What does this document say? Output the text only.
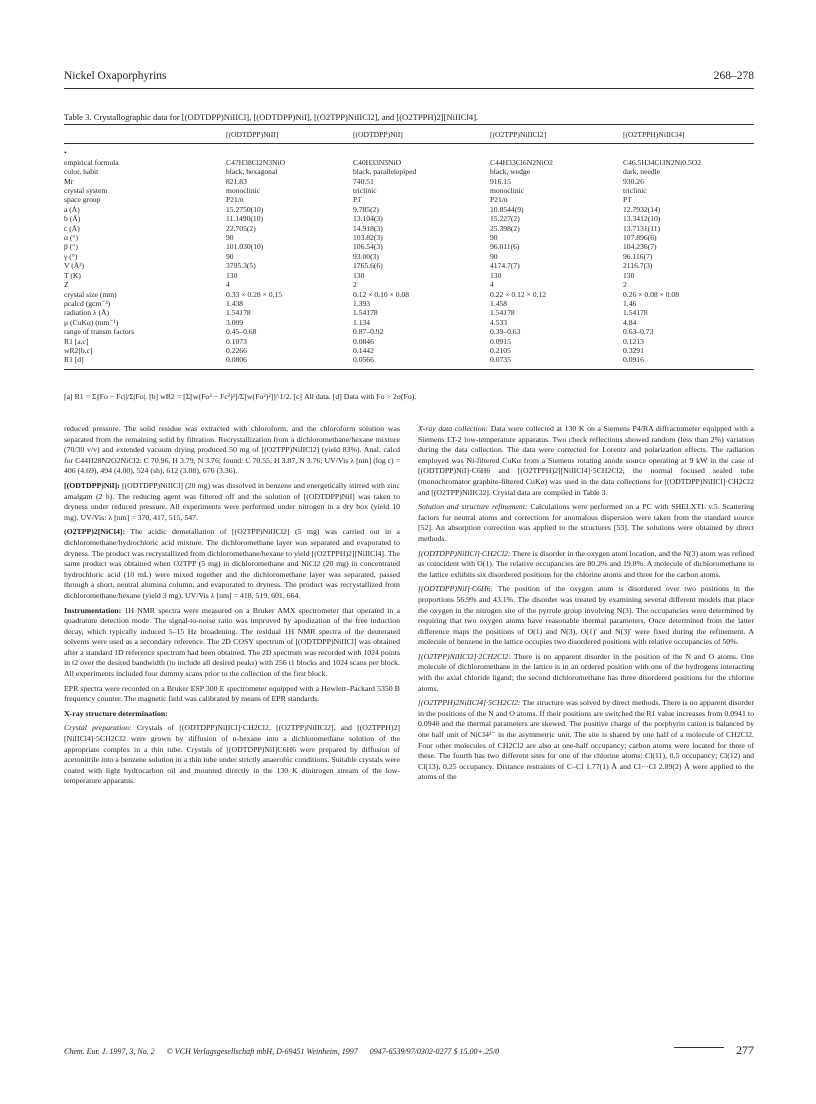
Nickel Oxaporphyrins	268–278
Table 3. Crystallographic data for [(ODTDPP)NiIICl], [(ODTDPP)NiI], [(O2TPP)NiIICl2], and [(O2TPPH)2][NiIICl4].
	[(ODTDPP)NiII]	[(ODTDPP)NiI]	[(O2TPP)NiIICl2]	[(O2TPPH)NiIICl4]
•				
empirical formula	C47H38Cl2N3NiO	C40H33N3NiO	C44H33Cl6N2NiO2	C46.5H34Cl3N2Ni0.5O2
color, habit	black, hexagonal	black, parallelepiped	black, wedge	dark, needle
Mr	821.83	740.51	916.15	930.26
crystal system	monoclinic	triclinic	monoclinic	triclinic
space group	P21/n	P1̄	P21/n	P1̄
a (Å)	15.2750(10)	9.785(2)	10.8544(9)	12.7932(14)
b (Å)	11.1490(10)	13.104(3)	15.227(2)	13.3412(10)
c (Å)	22.705(2)	14.918(3)	25.398(2)	13.7131(11)
α (°)	90	103.82(3)	90	107.896(6)
β (°)	101.030(10)	106.54(3)	96.011(6)	104.236(7)
γ (°)	90	93.00(3)	90	96.116(7)
V (Å³)	3795.3(5)	1765.6(6)	4174.7(7)	2116.7(3)
T (K)	130	130	130	130
Z	4	2	4	2
crystal size (mm)	0.33 × 0.28 × 0.15	0.12 × 0.10 × 0.08	0.22 × 0.12 × 0.12	0.26 × 0.08 × 0.08
ρcalcd (gcm⁻³)	1.438	1.393	1.458	1.46
radiation λ (Å)	1.54178	1.54178	1.54178	1.54178
μ (CuKα) (mm⁻¹)	3.009	1.134	4.533	4.84
range of transm factors	0.45–0.68	0.87–0.92	0.39–0.63	0.63–0.73
R1 [a,c]	0.1073	0.0846	0.0915	0.1213
wR2[b,c]	0.2266	0.1442	0.2105	0.3291
R1 [d]	0.0806	0.0566	0.0735	0.0916
[a] R1 = Σ||Fo − Fc||/Σ|Fo|. [b] wR2 = [Σ[w(Fo² − Fc²)²]/Σ[w(Fo²)²]]^1/2. [c] All data. [d] Data with Fo > 2σ(Fo).

reduced pressure. The solid residue was extracted with chloroform, and the chloroform solution was separated from the remaining solid by filtration. Recrystallization from a dichloromethane/hexane mixture (70/30 v/v) and extended vacuum drying produced 50 mg of [(O2TPP)NiIICl2] (yield 83%). Anal. calcd for C44H28N2O2NiCl2: C 70.96, H 3.79, N 3.76; found: C 70.55, H 3.87, N 3.76; UV/Vis λ [nm] (log ε) = 406 (4.69), 494 (4.00), 524 (sh), 612 (3.08), 676 (3.36).

[(ODTDPP)NiI]: [(ODTDPP)NiIICl] (20 mg) was dissolved in benzene and energetically stirred with zinc amalgam (2 h). The reducing agent was filtered off and the solution of [(ODTDPP)NiI] was taken to dryness under reduced pressure. All experiments were performed under nitrogen in a dry box (yield 10 mg). UV/Vis: λ [nm] = 370, 417, 515, 547.

(O2TPP)2[NiCl4]: The acidic demetallation of [(O2TPP)NiIICl2] (5 mg) was carried out in a dichloromethane/hydrochloric acid mixture. The dichloromethane layer was separated and evaporated to dryness. The product was recrystallized from dichloromethane/hexane to yield [(O2TPPH)2][NiIICl4]. The same product was obtained when O2TPP (5 mg) in dichloromethane and NiCl2 (20 mg) in concentrated hydrochloric acid (10 mL) were mixed together and the dichloromethane layer was separated, passed through a short, neutral alumina column, and evaporated to dryness. The product was recrystallized from dichloromethane/hexane (yield 3 mg). UV/Vis λ [nm] = 418, 519, 601, 664.

Instrumentation: 1H NMR spectra were measured on a Bruker AMX spectrometer that operated in a quadrature detection mode. The signal-to-noise ratio was improved by apodization of the free induction decay, which typically induced 5–15 Hz broadening. The residual 1H NMR spectra of the deuterated solvents were used as a secondary reference. The 2D COSY spectrum of [(ODTDPP)NiIICl] was obtained after a standard 1D reference spectrum had been obtained. The 2D spectrum was recorded with 1024 points in t2 over the desired bandwidth (to include all desired peaks) with 256 t1 blocks and 1024 scans per block. All experiments included four dummy scans prior to the collection of the first block.

EPR spectra were recorded on a Bruker ESP 300 E spectrometer equipped with a Hewlett–Packard 5350 B frequency counter. The magnetic field was calibrated by means of EPR standards.

X-ray structure determination:

Crystal preparation: Crystals of [(ODTDPP)NiIICl]·CH2Cl2, [(O2TPP)NiIICl2], and [(O2TPPH)2][NiIICl4]·5CH2Cl2 were grown by diffusion of n-hexane into a dichloromethane solution of the appropriate complex in a thin tube. Crystals of [(ODTDPP)NiI]C6H6 were prepared by diffusion of acetonitrile into a benzene solution in a thin tube under strictly anaerobic conditions. Suitable crystals were coated with light hydrocarbon oil and mounted directly in the 130 K dinitrogen stream of the low-temperature apparatus.

X-ray data collection: Data were collected at 130 K on a Siemens P4/RA diffractometer equipped with a Siemens LT-2 low-temperature apparatus. Two check reflections showed random (less than 2%) variation during the data collection. The data were corrected for Lorentz and polarization effects. The radiation employed was Ni-filtered CuKα from a Siemens rotating anode source operating at 9 kW in the case of [(ODTDPP)NiI]·C6H6 and [(O2TPPH)2][NiIICl4]·5CH2Cl2; the normal focused sealed tube (monochromator graphite-filtered CuKα) was used in the data collections for [(ODTDPP)NiIICl]·CH2Cl2 and [(O2TPP)NiIICl2]. Crystal data are compiled in Table 3.

Solution and structure refinement: Calculations were performed on a PC with SHELXTL v.5. Scattering factors for neutral atoms and corrections for anomalous dispersion were taken from the standard source [52]. An absorption correction was applied to the structures [53]. The solutions were obtained by direct methods.

[(ODTDPP)NiIICl]·CH2Cl2: There is disorder in the oxygen atom location, and the N(3) atom was refined as coincident with O(1). The relative occupancies are 80.2% and 19.8%. A molecule of dichloromethane in the lattice exhibits six disordered positions for the chlorine atoms and three for the carbon atoms.

[(ODTDPP)NiI]·C6H6: The position of the oxygen atom is disordered over two positions in the proportions 56.9% and 43.1%. The disorder was treated by examining several different models that place the oxygen in the nitrogen site of the pyrrole group involving N(3). The occupancies were determined by requiring that two oxygen atoms have reasonable thermal parameters. Once determined from the latter difference maps the positions of O(1) and N(3), O(1)' and N(3)' were fixed during the refinement. A molecule of benzene in the lattice occupies two disordered positions with relative occupancies of 50%.

[(O2TPP)NiIICl2]·2CH2Cl2: There is no apparent disorder in the position of the N and O atoms. One molecule of dichloromethane in the lattice is in an ordered position with one of the hydrogens interacting with the axial chloride ligand; the second dichloromethane has three disordered positions for the chlorine atoms.

[(O2TPPH)2NiIICl4]·5CH2Cl2: The structure was solved by direct methods. There is no apparent disorder in the positions of the N and O atoms. If their positions are switched the R1 value increases from 0.0941 to 0.0946 and the thermal parameters are skewed. The positive charge of the porphyrin cation is balanced by one half unit of NiCl4²⁻ in the asymmetric unit. The site is shared by one half of a molecule of CH2Cl2. Four other molecules of CH2Cl2 are also at one-half occupancy; carbon atoms were located for three of these. The fourth has two different sites for one of the chlorine atoms: Cl(11), 0.5 occupancy; Cl(12) and Cl(13), 0.25 occupancy. Distance restraints of C–Cl 1.77(1) Å and Cl···Cl 2.89(2) Å were applied to the atoms of the

Chem. Eur. J. 1997, 3, No. 2 © VCH Verlagsgesellschaft mbH, D-69451 Weinheim, 1997 0947-6539/97/0302-0277 $ 15.00+.25/0	277
